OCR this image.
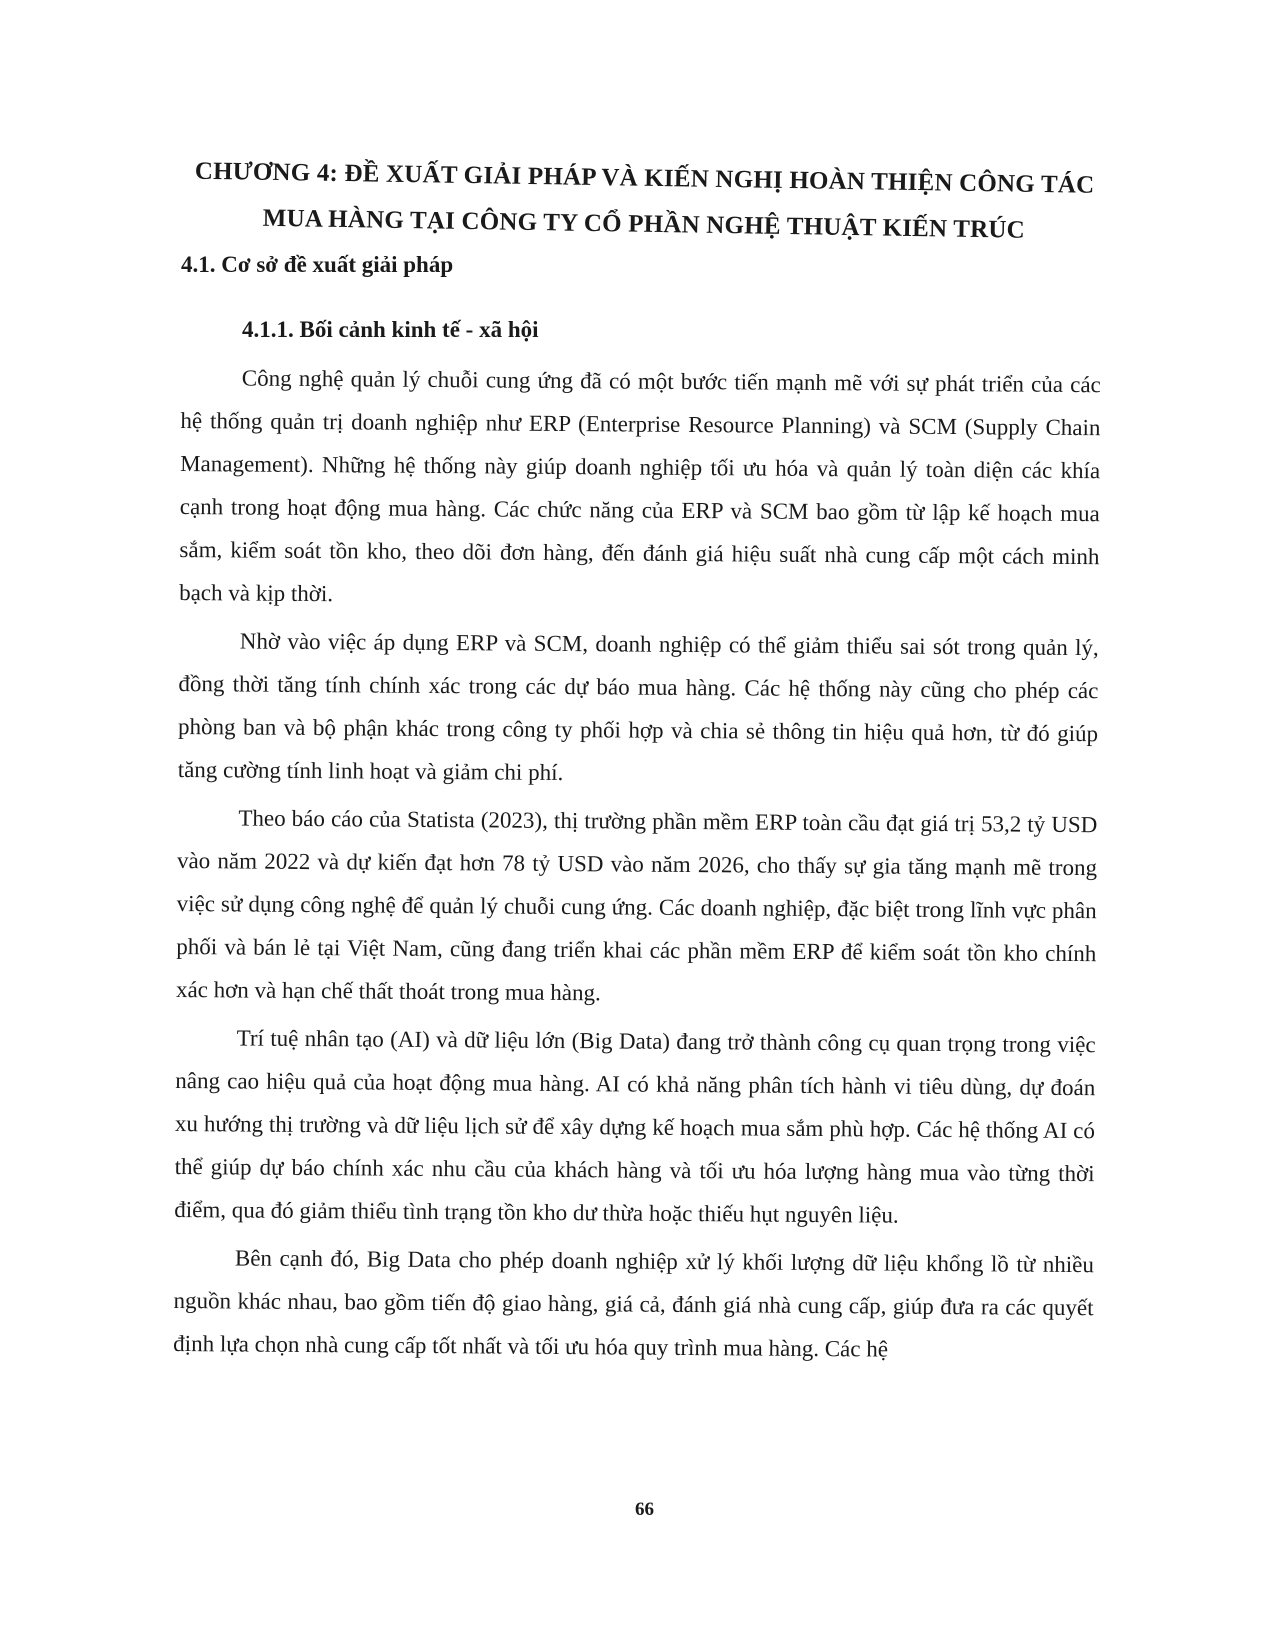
CHƯƠNG 4: ĐỀ XUẤT GIẢI PHÁP VÀ KIẾN NGHỊ HOÀN THIỆN CÔNG TÁC
MUA HÀNG TẠI CÔNG TY CỔ PHẦN NGHỆ THUẬT KIẾN TRÚC
4.1. Cơ sở đề xuất giải pháp
4.1.1. Bối cảnh kinh tế - xã hội

Công nghệ quản lý chuỗi cung ứng đã có một bước tiến mạnh mẽ với sự phát triển của các hệ thống quản trị doanh nghiệp như ERP (Enterprise Resource Planning) và SCM (Supply Chain Management). Những hệ thống này giúp doanh nghiệp tối ưu hóa và quản lý toàn diện các khía cạnh trong hoạt động mua hàng. Các chức năng của ERP và SCM bao gồm từ lập kế hoạch mua sắm, kiểm soát tồn kho, theo dõi đơn hàng, đến đánh giá hiệu suất nhà cung cấp một cách minh bạch và kịp thời.

Nhờ vào việc áp dụng ERP và SCM, doanh nghiệp có thể giảm thiểu sai sót trong quản lý, đồng thời tăng tính chính xác trong các dự báo mua hàng. Các hệ thống này cũng cho phép các phòng ban và bộ phận khác trong công ty phối hợp và chia sẻ thông tin hiệu quả hơn, từ đó giúp tăng cường tính linh hoạt và giảm chi phí.

Theo báo cáo của Statista (2023), thị trường phần mềm ERP toàn cầu đạt giá trị 53,2 tỷ USD vào năm 2022 và dự kiến đạt hơn 78 tỷ USD vào năm 2026, cho thấy sự gia tăng mạnh mẽ trong việc sử dụng công nghệ để quản lý chuỗi cung ứng. Các doanh nghiệp, đặc biệt trong lĩnh vực phân phối và bán lẻ tại Việt Nam, cũng đang triển khai các phần mềm ERP để kiểm soát tồn kho chính xác hơn và hạn chế thất thoát trong mua hàng.

Trí tuệ nhân tạo (AI) và dữ liệu lớn (Big Data) đang trở thành công cụ quan trọng trong việc nâng cao hiệu quả của hoạt động mua hàng. AI có khả năng phân tích hành vi tiêu dùng, dự đoán xu hướng thị trường và dữ liệu lịch sử để xây dựng kế hoạch mua sắm phù hợp. Các hệ thống AI có thể giúp dự báo chính xác nhu cầu của khách hàng và tối ưu hóa lượng hàng mua vào từng thời điểm, qua đó giảm thiểu tình trạng tồn kho dư thừa hoặc thiếu hụt nguyên liệu.

Bên cạnh đó, Big Data cho phép doanh nghiệp xử lý khối lượng dữ liệu khổng lồ từ nhiều nguồn khác nhau, bao gồm tiến độ giao hàng, giá cả, đánh giá nhà cung cấp, giúp đưa ra các quyết định lựa chọn nhà cung cấp tốt nhất và tối ưu hóa quy trình mua hàng. Các hệ

66
